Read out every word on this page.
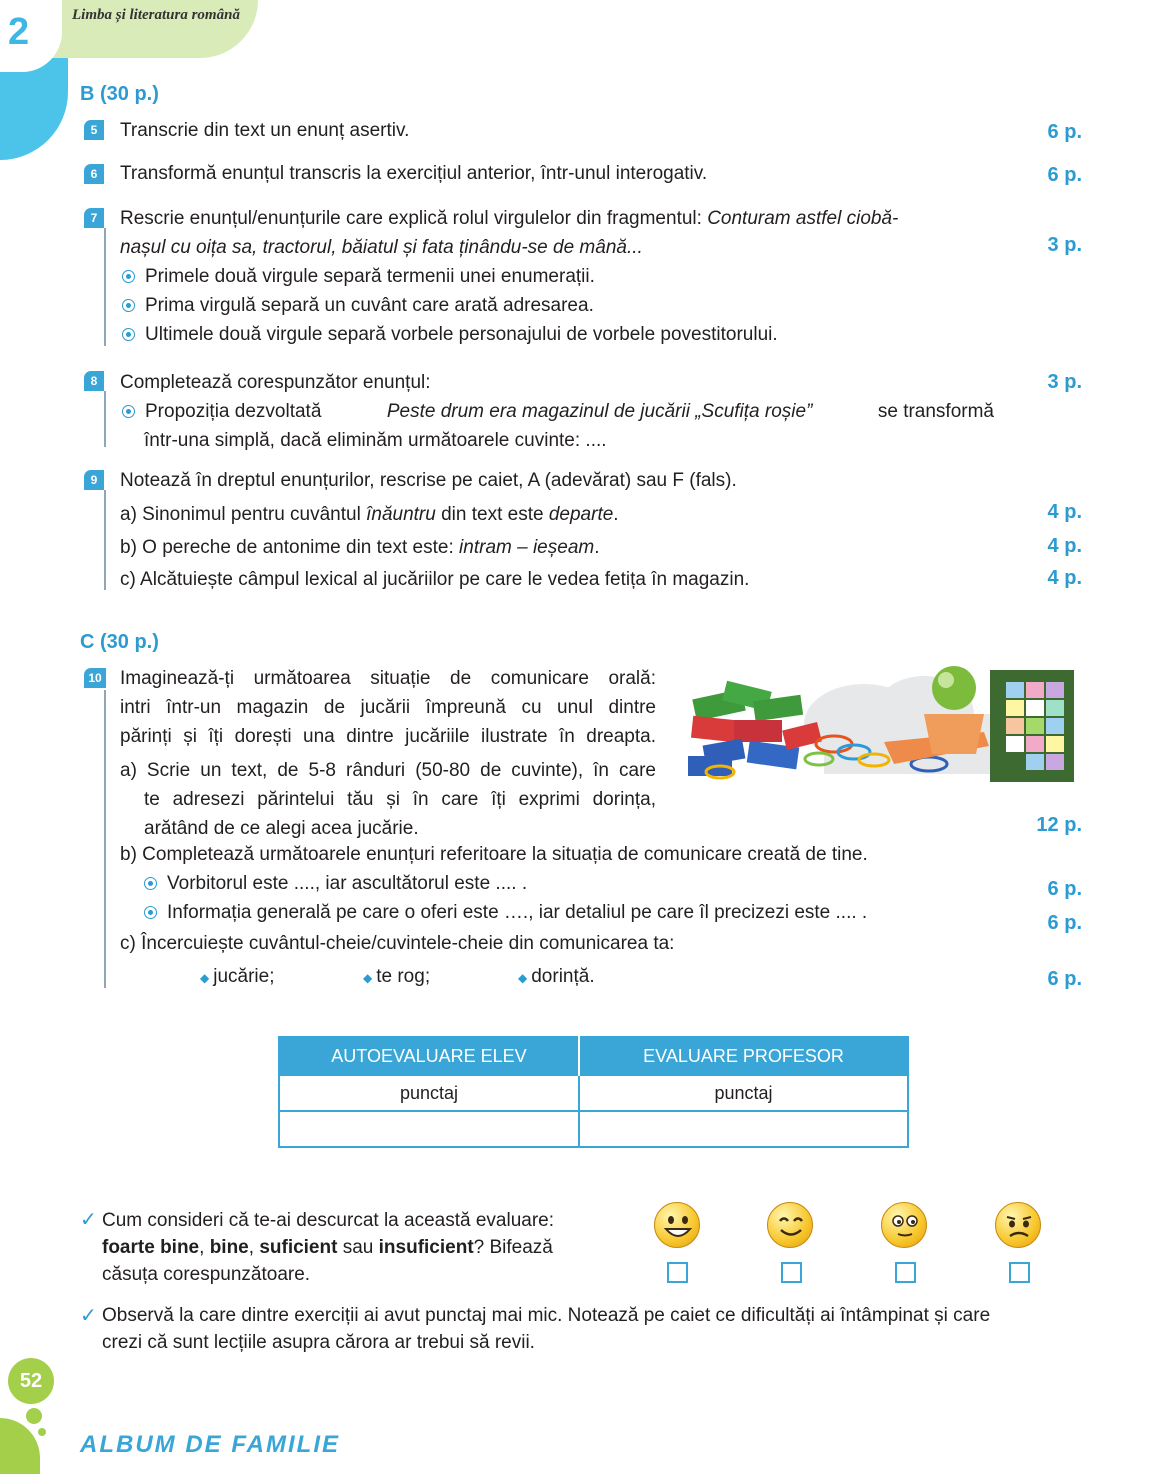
2	Limba și literatura română
B (30 p.)
5	Transcrie din text un enunț asertiv.	6 p.
6	Transformă enunțul transcris la exercițiul anterior, într-unul interogativ.	6 p.
7	Rescrie enunțul/enunțurile care explică rolul virgulelor din fragmentul: Conturam astfel ciobă-
nașul cu oița sa, tractorul, băiatul și fata ținându-se de mână...	3 p.
Primele două virgule separă termenii unei enumerații.
Prima virgulă separă un cuvânt care arată adresarea.
Ultimele două virgule separă vorbele personajului de vorbele povestitorului.
8	Completează corespunzător enunțul:	3 p.
Propoziția dezvoltată	Peste drum era magazinul de jucării „Scufița roșie”	se transformă
într-una simplă, dacă eliminăm următoarele cuvinte: ....
9	Notează în dreptul enunțurilor, rescrise pe caiet, A (adevărat) sau F (fals).
a) Sinonimul pentru cuvântul înăuntru din text este departe.	4 p.
b) O pereche de antonime din text este: intram – ieșeam.	4 p.
c) Alcătuiește câmpul lexical al jucăriilor pe care le vedea fetița în magazin.	4 p.
C (30 p.)
10 Imaginează-ți următoarea situație de comunicare orală:
intri într-un magazin de jucării împreună cu unul dintre
părinți și îți dorești una dintre jucăriile ilustrate în dreapta.
a) Scrie un text, de 5-8 rânduri (50-80 de cuvinte), în care
te adresezi părintelui tău și în care îți exprimi dorința,
arătând de ce alegi acea jucărie.	12 p.
b) Completează următoarele enunțuri referitoare la situația de comunicare creată de tine.
Vorbitorul este ...., iar ascultătorul este .... .	6 p.
Informația generală pe care o oferi este …., iar detaliul pe care îl precizezi este .... .	6 p.
c) Încercuiește cuvântul-cheie/cuvintele-cheie din comunicarea ta:
◆ jucărie;	◆ te rog;	◆ dorință.	6 p.
AUTOEVALUARE ELEV	EVALUARE PROFESOR
punctaj	punctaj

✓ Cum consideri că te-ai descurcat la această evaluare:
foarte bine, bine, suficient sau insuficient? Bifează
căsuța corespunzătoare.
✓ Observă la care dintre exerciții ai avut punctaj mai mic. Notează pe caiet ce dificultăți ai întâmpinat și care
crezi că sunt lecțiile asupra cărora ar trebui să revii.
52
ALBUM DE FAMILIE
